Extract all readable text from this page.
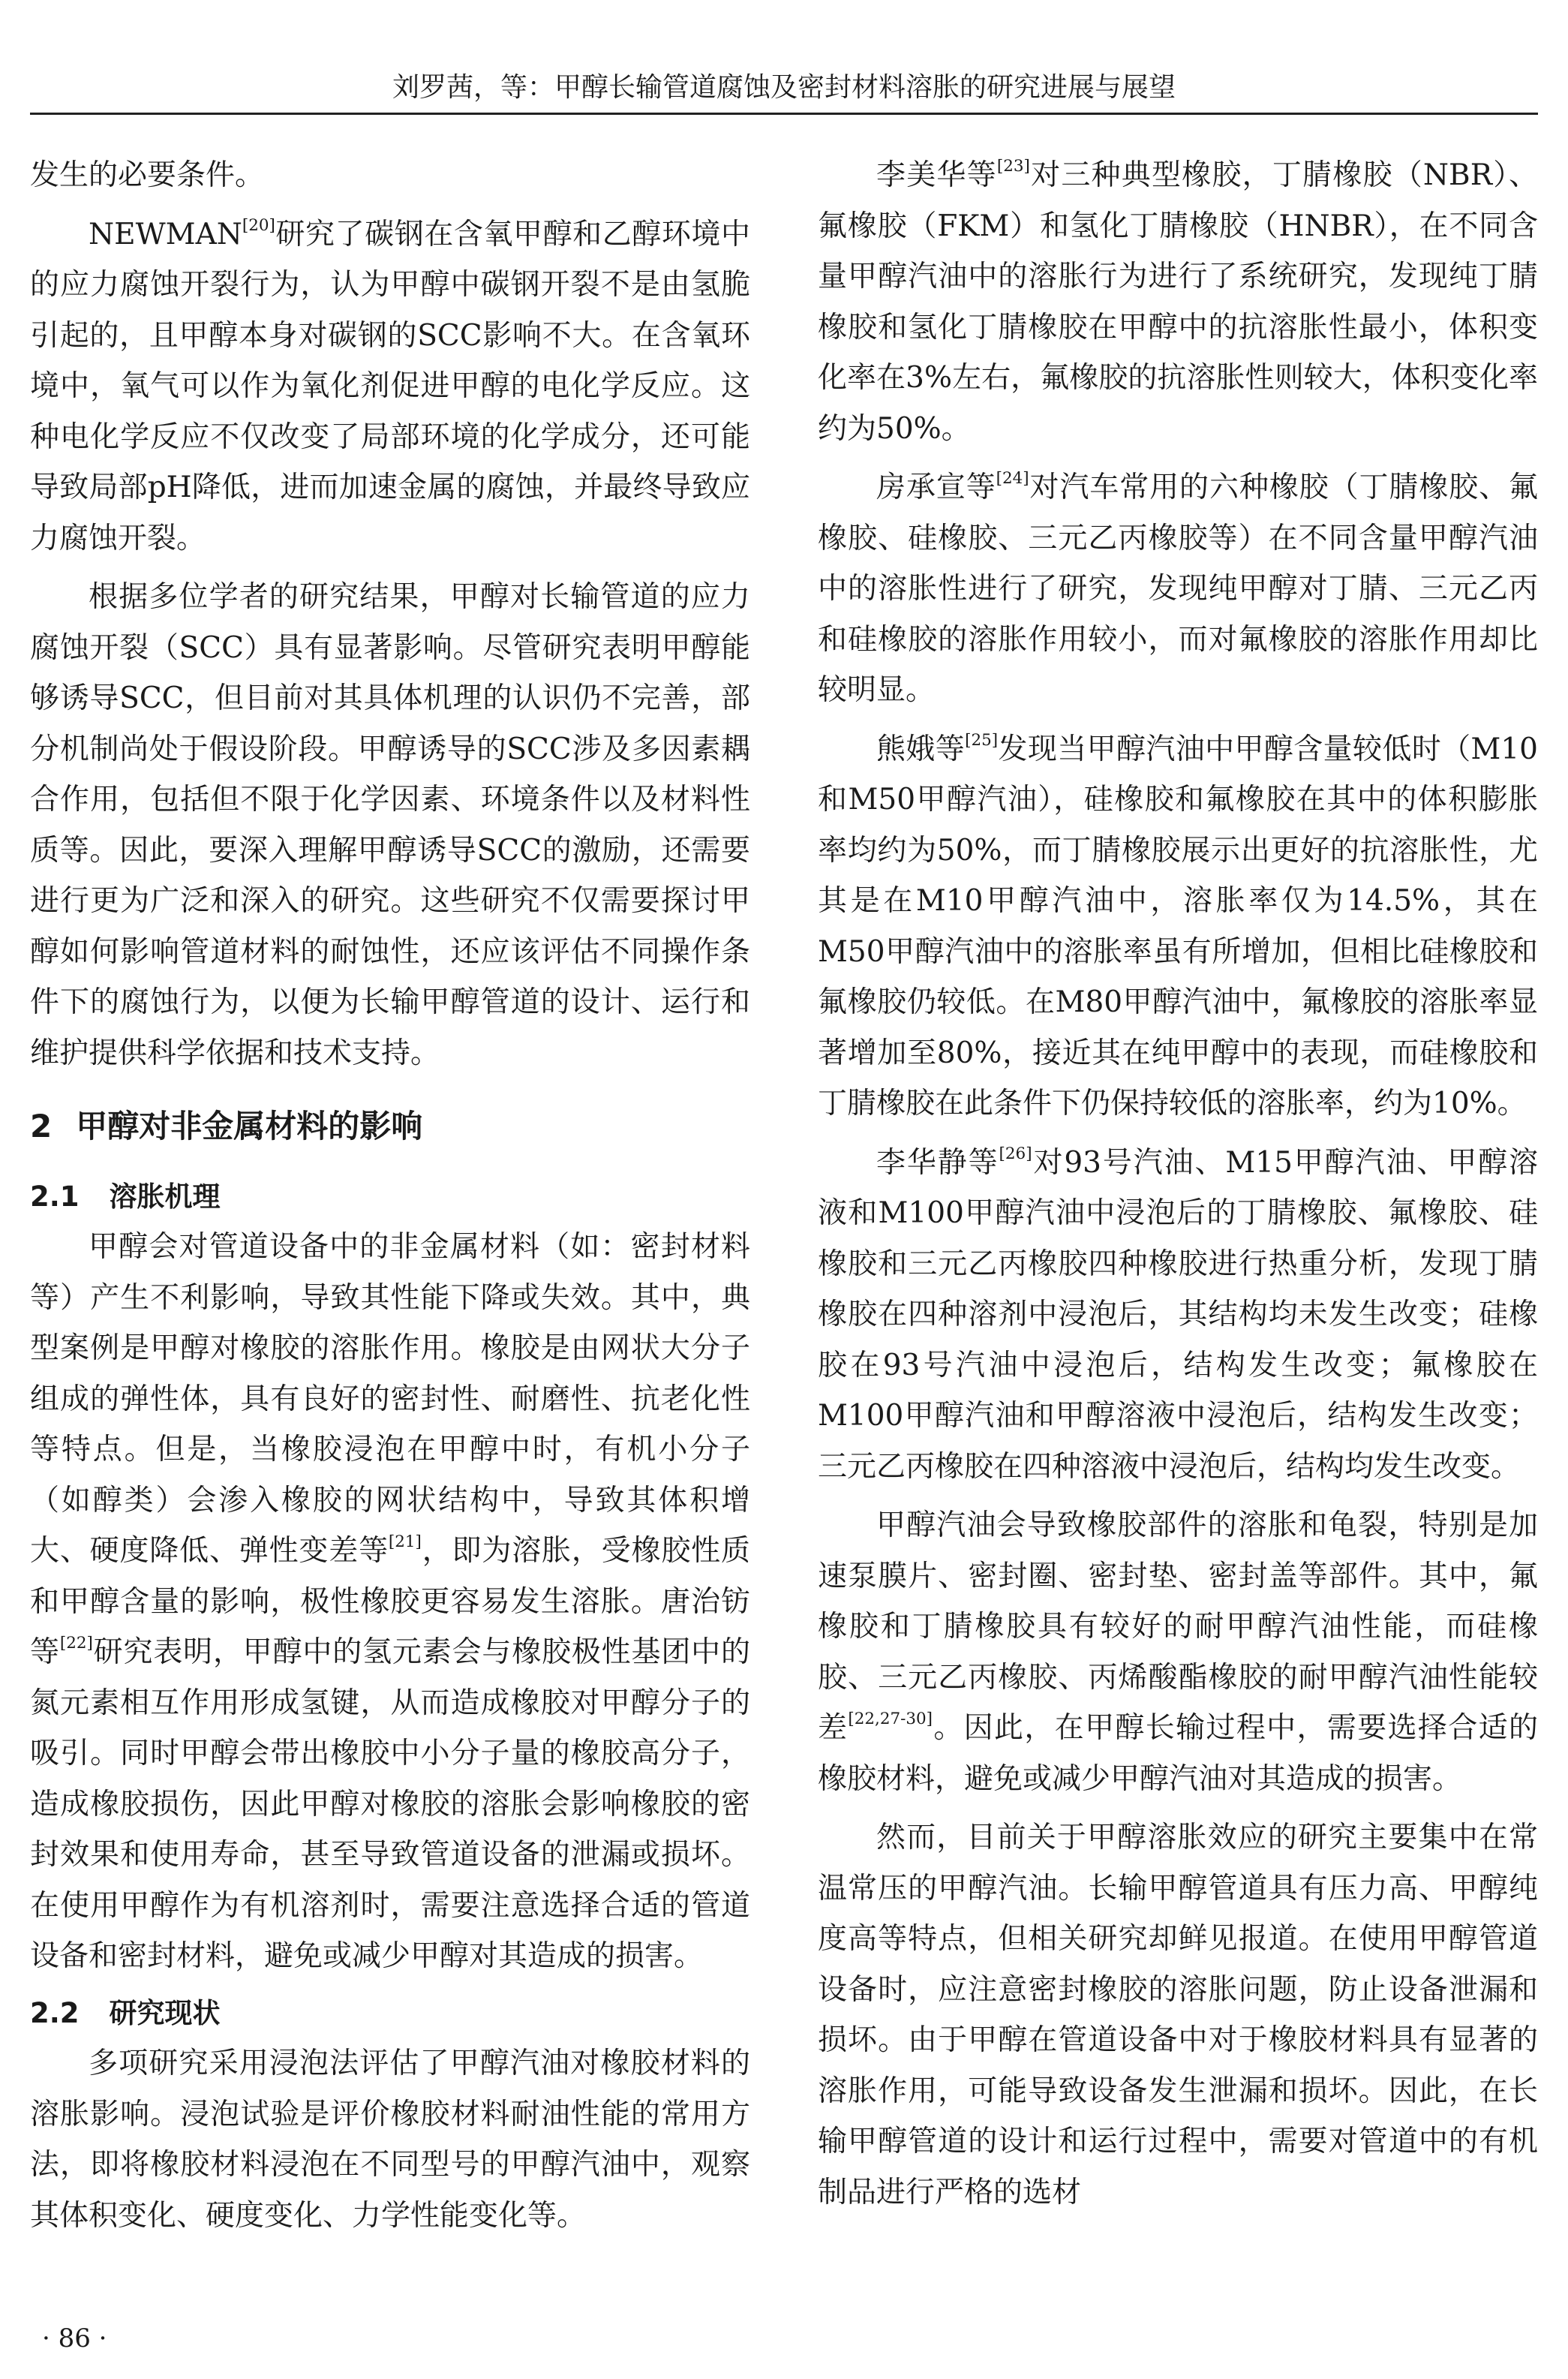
刘罗茜，等：甲醇长输管道腐蚀及密封材料溶胀的研究进展与展望

发生的必要条件。

NEWMAN[20]研究了碳钢在含氧甲醇和乙醇环境中的应力腐蚀开裂行为，认为甲醇中碳钢开裂不是由氢脆引起的，且甲醇本身对碳钢的SCC影响不大。在含氧环境中，氧气可以作为氧化剂促进甲醇的电化学反应。这种电化学反应不仅改变了局部环境的化学成分，还可能导致局部pH降低，进而加速金属的腐蚀，并最终导致应力腐蚀开裂。

根据多位学者的研究结果，甲醇对长输管道的应力腐蚀开裂（SCC）具有显著影响。尽管研究表明甲醇能够诱导SCC，但目前对其具体机理的认识仍不完善，部分机制尚处于假设阶段。甲醇诱导的SCC涉及多因素耦合作用，包括但不限于化学因素、环境条件以及材料性质等。因此，要深入理解甲醇诱导SCC的激励，还需要进行更为广泛和深入的研究。这些研究不仅需要探讨甲醇如何影响管道材料的耐蚀性，还应该评估不同操作条件下的腐蚀行为，以便为长输甲醇管道的设计、运行和维护提供科学依据和技术支持。

2 甲醇对非金属材料的影响
2.1 溶胀机理

甲醇会对管道设备中的非金属材料（如：密封材料等）产生不利影响，导致其性能下降或失效。其中，典型案例是甲醇对橡胶的溶胀作用。橡胶是由网状大分子组成的弹性体，具有良好的密封性、耐磨性、抗老化性等特点。但是，当橡胶浸泡在甲醇中时，有机小分子（如醇类）会渗入橡胶的网状结构中，导致其体积增大、硬度降低、弹性变差等[21]，即为溶胀，受橡胶性质和甲醇含量的影响，极性橡胶更容易发生溶胀。唐治钫等[22]研究表明，甲醇中的氢元素会与橡胶极性基团中的氮元素相互作用形成氢键，从而造成橡胶对甲醇分子的吸引。同时甲醇会带出橡胶中小分子量的橡胶高分子，造成橡胶损伤，因此甲醇对橡胶的溶胀会影响橡胶的密封效果和使用寿命，甚至导致管道设备的泄漏或损坏。在使用甲醇作为有机溶剂时，需要注意选择合适的管道设备和密封材料，避免或减少甲醇对其造成的损害。

2.2 研究现状

多项研究采用浸泡法评估了甲醇汽油对橡胶材料的溶胀影响。浸泡试验是评价橡胶材料耐油性能的常用方法，即将橡胶材料浸泡在不同型号的甲醇汽油中，观察其体积变化、硬度变化、力学性能变化等。

李美华等[23]对三种典型橡胶，丁腈橡胶（NBR）、氟橡胶（FKM）和氢化丁腈橡胶（HNBR），在不同含量甲醇汽油中的溶胀行为进行了系统研究，发现纯丁腈橡胶和氢化丁腈橡胶在甲醇中的抗溶胀性最小，体积变化率在3%左右，氟橡胶的抗溶胀性则较大，体积变化率约为50%。

房承宣等[24]对汽车常用的六种橡胶（丁腈橡胶、氟橡胶、硅橡胶、三元乙丙橡胶等）在不同含量甲醇汽油中的溶胀性进行了研究，发现纯甲醇对丁腈、三元乙丙和硅橡胶的溶胀作用较小，而对氟橡胶的溶胀作用却比较明显。

熊娥等[25]发现当甲醇汽油中甲醇含量较低时（M10和M50甲醇汽油），硅橡胶和氟橡胶在其中的体积膨胀率均约为50%，而丁腈橡胶展示出更好的抗溶胀性，尤其是在M10甲醇汽油中，溶胀率仅为14.5%，其在M50甲醇汽油中的溶胀率虽有所增加，但相比硅橡胶和氟橡胶仍较低。在M80甲醇汽油中，氟橡胶的溶胀率显著增加至80%，接近其在纯甲醇中的表现，而硅橡胶和丁腈橡胶在此条件下仍保持较低的溶胀率，约为10%。

李华静等[26]对93号汽油、M15甲醇汽油、甲醇溶液和M100甲醇汽油中浸泡后的丁腈橡胶、氟橡胶、硅橡胶和三元乙丙橡胶四种橡胶进行热重分析，发现丁腈橡胶在四种溶剂中浸泡后，其结构均未发生改变；硅橡胶在93号汽油中浸泡后，结构发生改变；氟橡胶在M100甲醇汽油和甲醇溶液中浸泡后，结构发生改变；三元乙丙橡胶在四种溶液中浸泡后，结构均发生改变。

甲醇汽油会导致橡胶部件的溶胀和龟裂，特别是加速泵膜片、密封圈、密封垫、密封盖等部件。其中，氟橡胶和丁腈橡胶具有较好的耐甲醇汽油性能，而硅橡胶、三元乙丙橡胶、丙烯酸酯橡胶的耐甲醇汽油性能较差[22,27-30]。因此，在甲醇长输过程中，需要选择合适的橡胶材料，避免或减少甲醇汽油对其造成的损害。

然而，目前关于甲醇溶胀效应的研究主要集中在常温常压的甲醇汽油。长输甲醇管道具有压力高、甲醇纯度高等特点，但相关研究却鲜见报道。在使用甲醇管道设备时，应注意密封橡胶的溶胀问题，防止设备泄漏和损坏。由于甲醇在管道设备中对于橡胶材料具有显著的溶胀作用，可能导致设备发生泄漏和损坏。因此，在长输甲醇管道的设计和运行过程中，需要对管道中的有机制品进行严格的选材

· 86 ·
